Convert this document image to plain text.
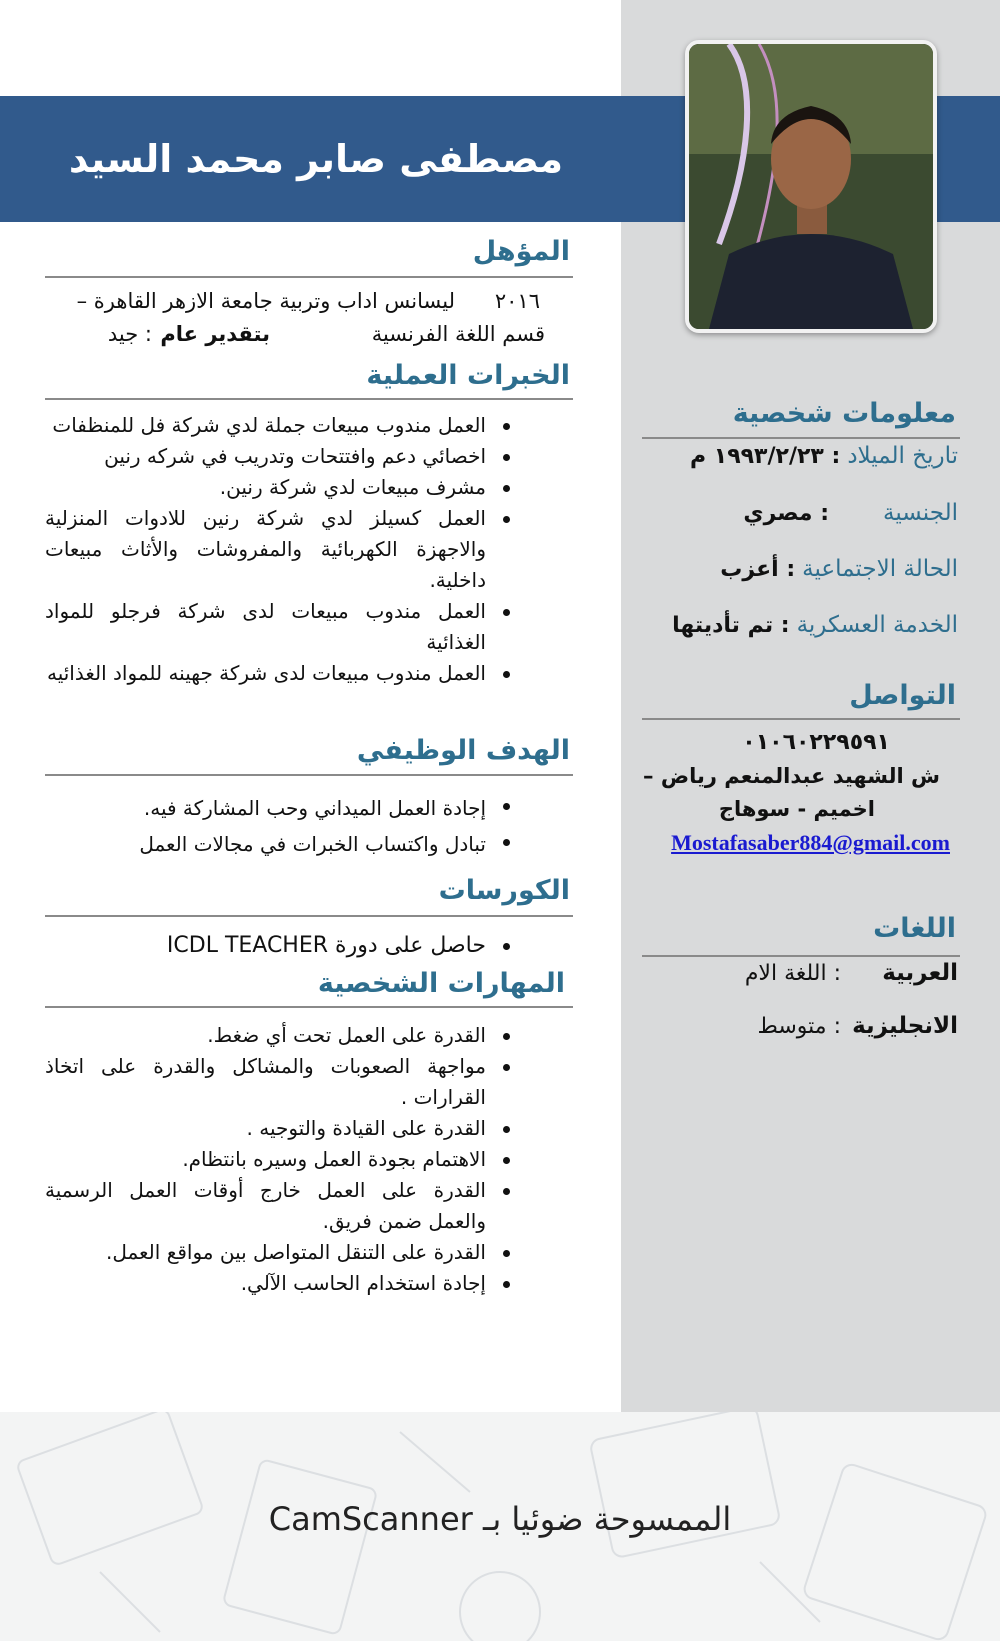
مصطفى صابر محمد السيد
المؤهل
٢٠١٦
ليسانس اداب وتربية جامعة الازهر القاهرة –
قسم اللغة الفرنسية
بتقدير عام
: جيد
الخبرات العملية
العمل مندوب مبيعات جملة لدي شركة فل للمنظفات
اخصائي دعم وافتتحات وتدريب في شركه رنين
مشرف مبيعات لدي شركة رنين.
العمل كسيلز لدي شركة رنين للادوات المنزلية والاجهزة الكهربائية والمفروشات والأثاث مبيعات داخلية.
العمل مندوب مبيعات لدى شركة فرجلو للمواد الغذائية
العمل مندوب مبيعات لدى شركة جهينه للمواد الغذائيه
الهدف الوظيفي
إجادة العمل الميداني وحب المشاركة فيه.
تبادل واكتساب الخبرات في مجالات العمل
الكورسات
حاصل على دورة ICDL TEACHER
المهارات الشخصية
القدرة على العمل تحت أي ضغط.
مواجهة الصعوبات والمشاكل والقدرة على اتخاذ القرارات .
القدرة على القيادة والتوجيه .
الاهتمام بجودة العمل وسيره بانتظام.
القدرة على العمل خارج أوقات العمل الرسمية والعمل ضمن فريق.
القدرة على التنقل المتواصل بين مواقع العمل.
إجادة استخدام الحاسب الآلي.
معلومات شخصية
تاريخ الميلاد : ١٩٩٣/٢/٢٣ م
الجنسية  : مصري
الحالة الاجتماعية : أعزب
الخدمة العسكرية : تم تأديتها
التواصل
٠١٠٦٠٢٢٩٥٩١
ش الشهيد عبدالمنعم رياض –
اخميم - سوهاج
Mostafasaber884@gmail.com
اللغات
العربية : اللغة الام
الانجليزية : متوسط
الممسوحة ضوئيا بـ CamScanner
